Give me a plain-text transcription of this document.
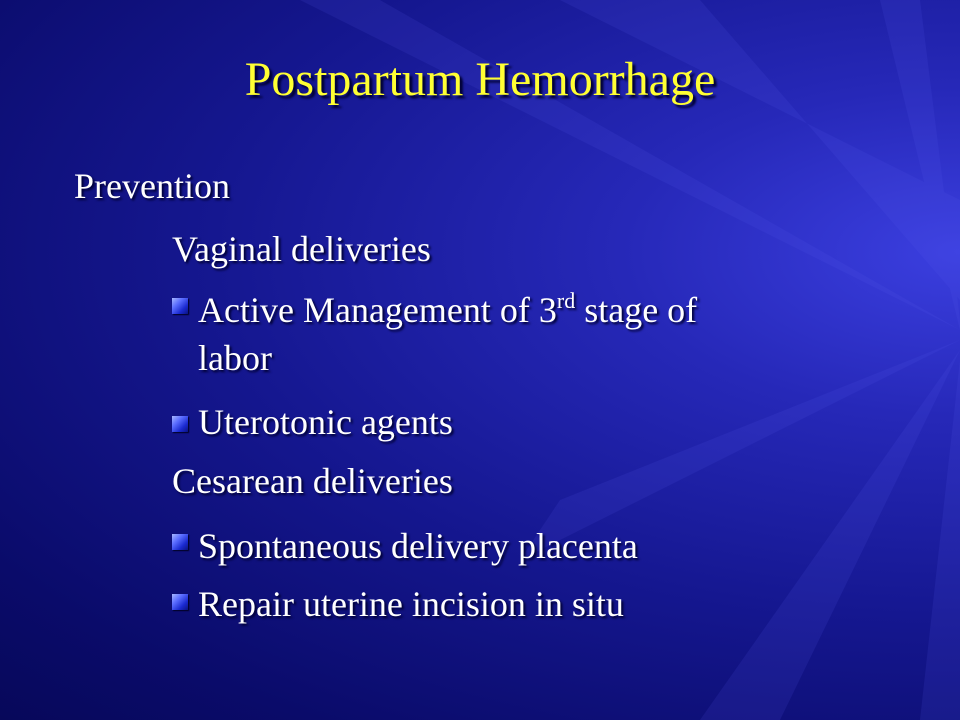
Postpartum Hemorrhage
Prevention
Vaginal deliveries
Active Management of 3rd stage of
labor
Uterotonic agents
Cesarean deliveries
Spontaneous delivery placenta
Repair uterine incision in situ
